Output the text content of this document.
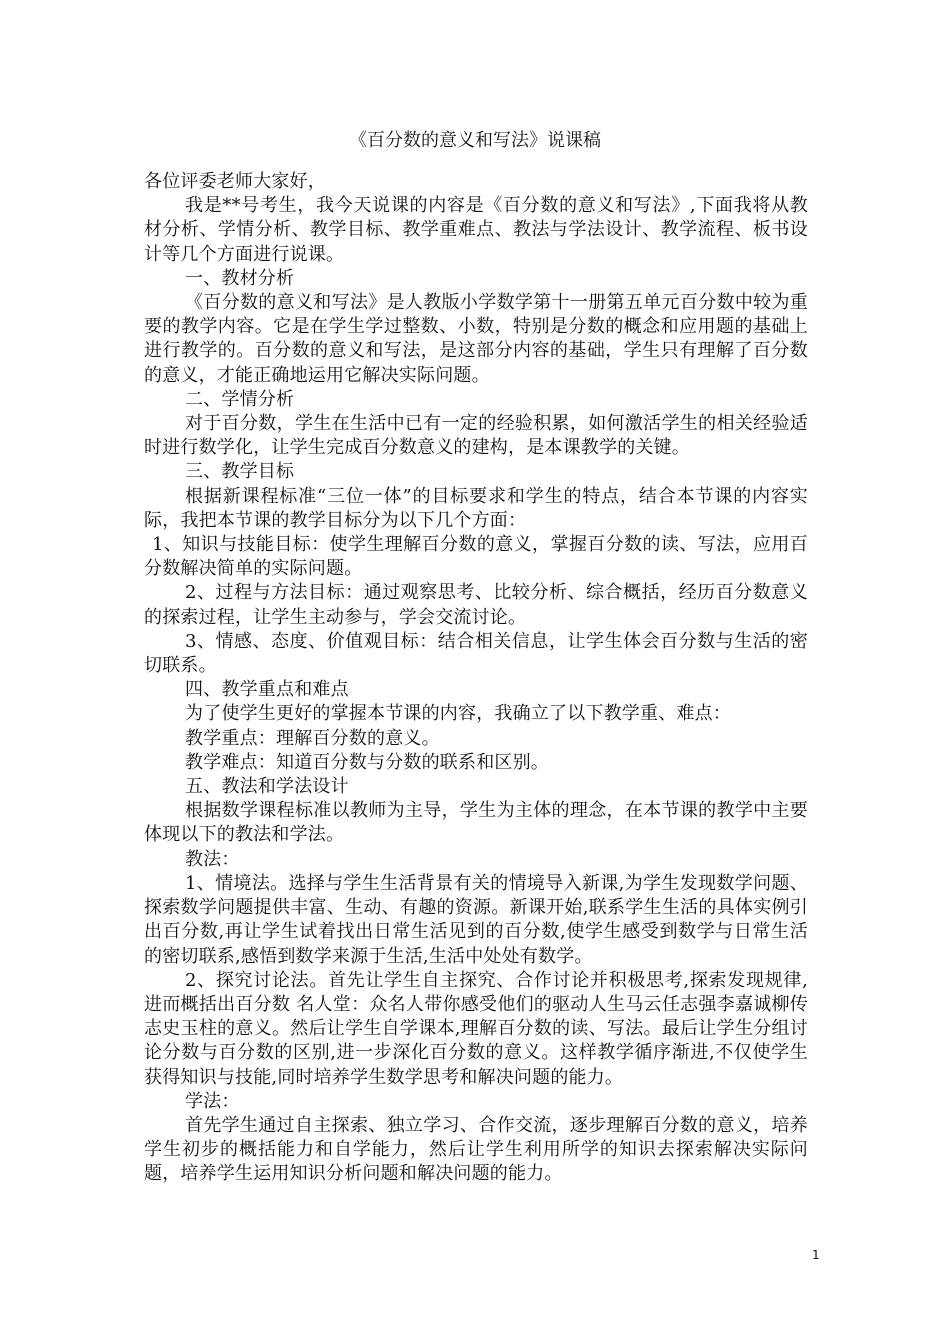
《百分数的意义和写法》说课稿

各位评委老师大家好，

我是**号考生，我今天说课的内容是《百分数的意义和写法》,下面我将从教材分析、学情分析、教学目标、教学重难点、教法与学法设计、教学流程、板书设计等几个方面进行说课。

一、教材分析

《百分数的意义和写法》是人教版小学数学第十一册第五单元百分数中较为重要的教学内容。它是在学生学过整数、小数，特别是分数的概念和应用题的基础上进行教学的。百分数的意义和写法，是这部分内容的基础，学生只有理解了百分数的意义，才能正确地运用它解决实际问题。

二、学情分析

对于百分数，学生在生活中已有一定的经验积累，如何激活学生的相关经验适时进行数学化，让学生完成百分数意义的建构，是本课教学的关键。

三、教学目标

根据新课程标准“三位一体”的目标要求和学生的特点，结合本节课的内容实际，我把本节课的教学目标分为以下几个方面：

1、知识与技能目标：使学生理解百分数的意义，掌握百分数的读、写法，应用百分数解决简单的实际问题。

2、过程与方法目标：通过观察思考、比较分析、综合概括，经历百分数意义的探索过程，让学生主动参与，学会交流讨论。

3、情感、态度、价值观目标：结合相关信息，让学生体会百分数与生活的密切联系。

四、教学重点和难点

为了使学生更好的掌握本节课的内容，我确立了以下教学重、难点：

教学重点：理解百分数的意义。

教学难点：知道百分数与分数的联系和区别。

五、教法和学法设计

根据数学课程标准以教师为主导，学生为主体的理念，在本节课的教学中主要体现以下的教法和学法。

教法：

1、情境法。选择与学生生活背景有关的情境导入新课,为学生发现数学问题、探索数学问题提供丰富、生动、有趣的资源。新课开始,联系学生生活的具体实例引出百分数,再让学生试着找出日常生活见到的百分数,使学生感受到数学与日常生活的密切联系,感悟到数学来源于生活,生活中处处有数学。

2、探究讨论法。首先让学生自主探究、合作讨论并积极思考,探索发现规律,进而概括出百分数 名人堂：众名人带你感受他们的驱动人生马云任志强李嘉诚柳传志史玉柱的意义。然后让学生自学课本,理解百分数的读、写法。最后让学生分组讨论分数与百分数的区别,进一步深化百分数的意义。这样教学循序渐进,不仅使学生获得知识与技能,同时培养学生数学思考和解决问题的能力。

学法：

首先学生通过自主探索、独立学习、合作交流，逐步理解百分数的意义，培养学生初步的概括能力和自学能力，然后让学生利用所学的知识去探索解决实际问题，培养学生运用知识分析问题和解决问题的能力。

1
